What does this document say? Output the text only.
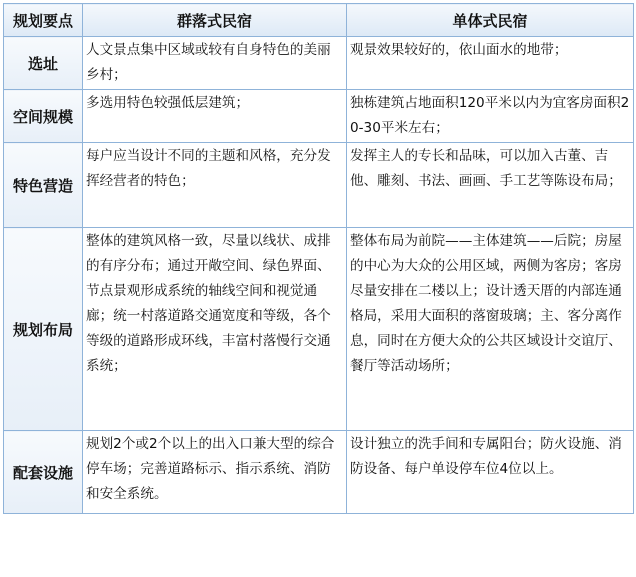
规划要点	群落式民宿	单体式民宿
选址	人文景点集中区域或较有自身特色的美丽乡村；	观景效果较好的，依山面水的地带；
空间规模	多选用特色较强低层建筑；	独栋建筑占地面积120平米以内为宜客房面积20-30平米左右；
特色营造	每户应当设计不同的主题和风格，充分发挥经营者的特色；	发挥主人的专长和品味，可以加入古董、吉他、雕刻、书法、画画、手工艺等陈设布局；
规划布局	整体的建筑风格一致，尽量以线状、成排的有序分布；通过开敞空间、绿色界面、节点景观形成系统的轴线空间和视觉通廊；统一村落道路交通宽度和等级，各个等级的道路形成环线，丰富村落慢行交通系统；	整体布局为前院——主体建筑——后院；房屋的中心为大众的公用区域，两侧为客房；客房尽量安排在二楼以上；设计透天厝的内部连通格局，采用大面积的落窗玻璃；主、客分离作息，同时在方便大众的公共区域设计交谊厅、餐厅等活动场所；
配套设施	规划2个或2个以上的出入口兼大型的综合停车场；完善道路标示、指示系统、消防和安全系统。	设计独立的洗手间和专属阳台；防火设施、消防设备、每户单设停车位4位以上。
